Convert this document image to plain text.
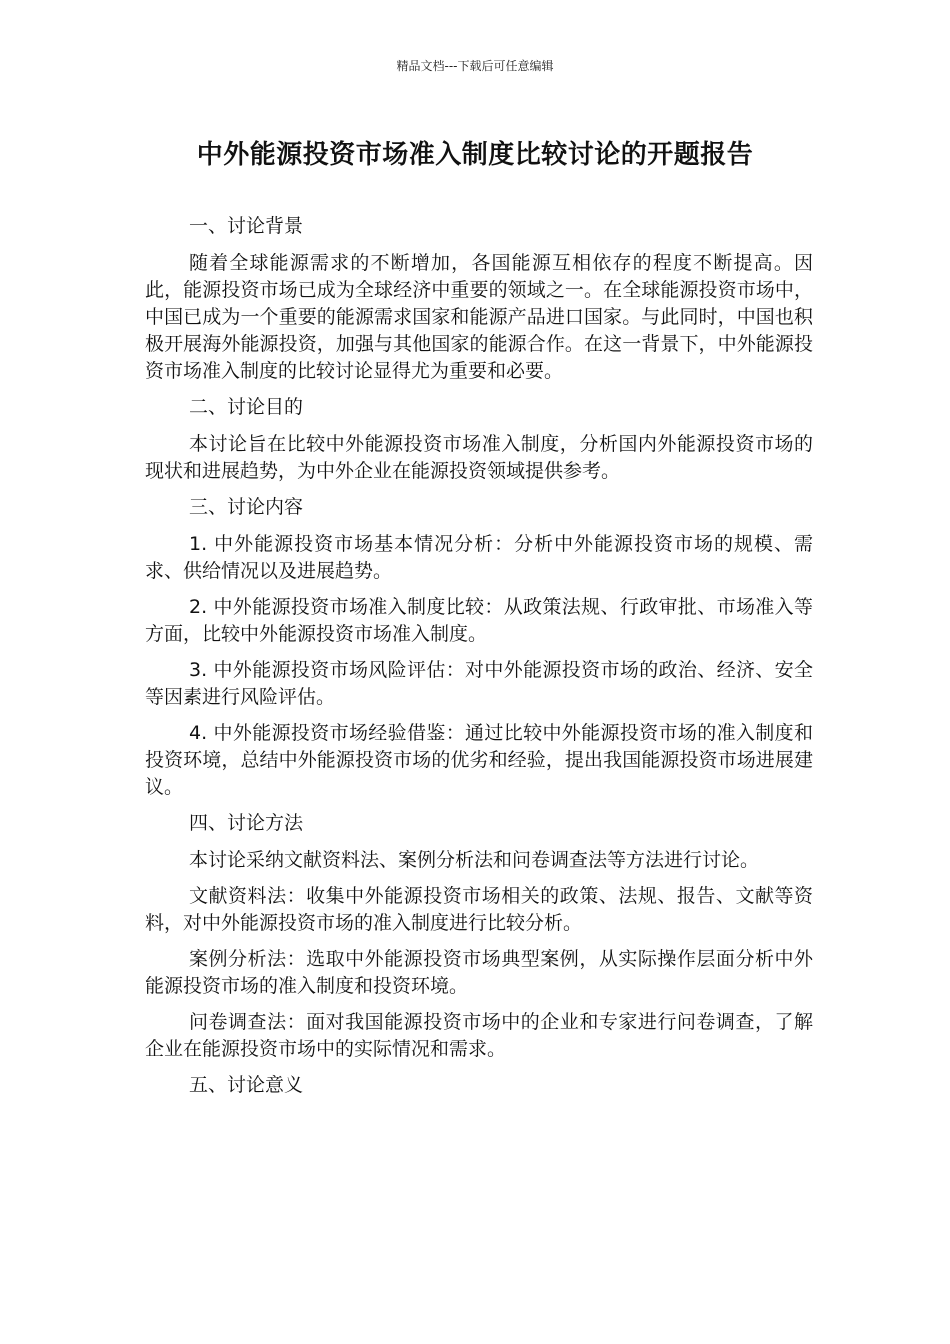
精品文档---下载后可任意编辑
中外能源投资市场准入制度比较讨论的开题报告

一、讨论背景

随着全球能源需求的不断增加，各国能源互相依存的程度不断提高。因此，能源投资市场已成为全球经济中重要的领域之一。在全球能源投资市场中，中国已成为一个重要的能源需求国家和能源产品进口国家。与此同时，中国也积极开展海外能源投资，加强与其他国家的能源合作。在这一背景下，中外能源投资市场准入制度的比较讨论显得尤为重要和必要。

二、讨论目的

本讨论旨在比较中外能源投资市场准入制度，分析国内外能源投资市场的现状和进展趋势，为中外企业在能源投资领域提供参考。

三、讨论内容

1. 中外能源投资市场基本情况分析：分析中外能源投资市场的规模、需求、供给情况以及进展趋势。

2. 中外能源投资市场准入制度比较：从政策法规、行政审批、市场准入等方面，比较中外能源投资市场准入制度。

3. 中外能源投资市场风险评估：对中外能源投资市场的政治、经济、安全等因素进行风险评估。

4. 中外能源投资市场经验借鉴：通过比较中外能源投资市场的准入制度和投资环境，总结中外能源投资市场的优劣和经验，提出我国能源投资市场进展建议。

四、讨论方法

本讨论采纳文献资料法、案例分析法和问卷调查法等方法进行讨论。

文献资料法：收集中外能源投资市场相关的政策、法规、报告、文献等资料，对中外能源投资市场的准入制度进行比较分析。

案例分析法：选取中外能源投资市场典型案例，从实际操作层面分析中外能源投资市场的准入制度和投资环境。

问卷调查法：面对我国能源投资市场中的企业和专家进行问卷调查，了解企业在能源投资市场中的实际情况和需求。

五、讨论意义
